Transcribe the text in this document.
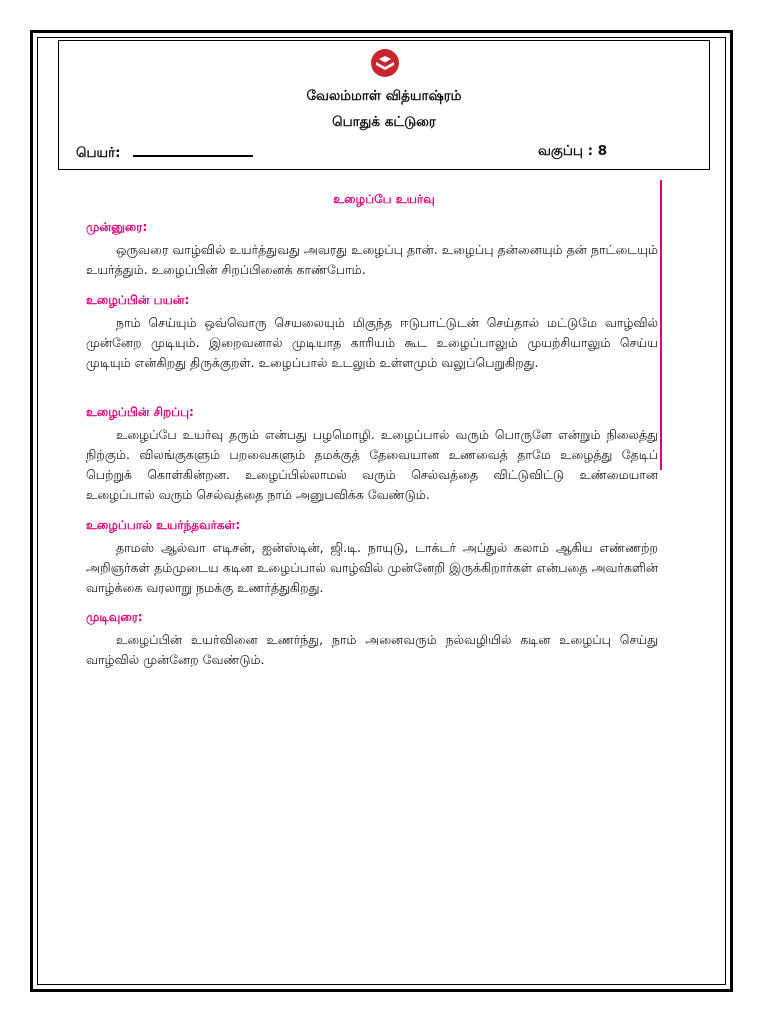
வேலம்மாள் வித்யாஷ்ரம்
பொதுக் கட்டுரை
பெயர்:	வகுப்பு : 8
உழைப்பே உயர்வு
முன்னுரை:

ஒருவரை வாழ்வில் உயர்த்துவது அவரது உழைப்பு தான். உழைப்பு தன்னையும் தன் நாட்டையும் உயர்த்தும். உழைப்பின் சிறப்பினைக் காண்போம்.

உழைப்பின் பயன்:

நாம் செய்யும் ஒவ்வொரு செயலையும் மிகுந்த ஈடுபாட்டுடன் செய்தால் மட்டுமே வாழ்வில் முன்னேற முடியும். இறைவனால் முடியாத காரியம் கூட உழைப்பாலும் முயற்சியாலும் செய்ய முடியும் என்கிறது திருக்குறள். உழைப்பால் உடலும் உள்ளமும் வலுப்பெறுகிறது.

உழைப்பின் சிறப்பு:

உழைப்பே உயர்வு தரும் என்பது பழமொழி. உழைப்பால் வரும் பொருளே என்றும் நிலைத்து நிற்கும். விலங்குகளும் பறவைகளும் தமக்குத் தேவையான உணவைத் தாமே உழைத்து தேடிப் பெற்றுக் கொள்கின்றன. உழைப்பில்லாமல் வரும் செல்வத்தை விட்டுவிட்டு உண்மையான உழைப்பால் வரும் செல்வத்தை நாம் அனுபவிக்க வேண்டும்.

உழைப்பால் உயர்ந்தவர்கள்:

தாமஸ் ஆல்வா எடிசன், ஐன்ஸ்டின், ஜி.டி. நாயுடு, டாக்டர் அப்துல் கலாம் ஆகிய எண்ணற்ற அறிஞர்கள் தம்முடைய கடின உழைப்பால் வாழ்வில் முன்னேறி இருக்கிறார்கள் என்பதை அவர்களின் வாழ்க்கை வரலாறு நமக்கு உணர்த்துகிறது.

முடிவுரை:

உழைப்பின் உயர்வினை உணர்ந்து, நாம் அனைவரும் நல்வழியில் கடின உழைப்பு செய்து வாழ்வில் முன்னேற வேண்டும்.
